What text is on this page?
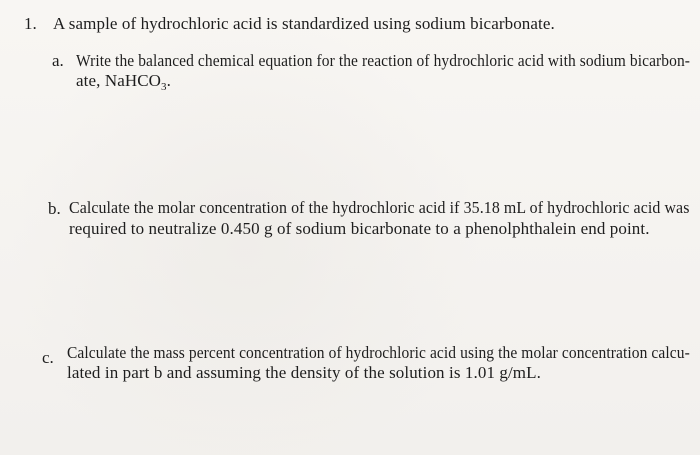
1. A sample of hydrochloric acid is standardized using sodium bicarbonate.
a. Write the balanced chemical equation for the reaction of hydrochloric acid with sodium bicarbon-
ate, NaHCO$_3$.
b. Calculate the molar concentration of the hydrochloric acid if 35.18 mL of hydrochloric acid was
required to neutralize 0.450 g of sodium bicarbonate to a phenolphthalein end point.
c. Calculate the mass percent concentration of hydrochloric acid using the molar concentration calcu-
lated in part b and assuming the density of the solution is 1.01 g/mL.
